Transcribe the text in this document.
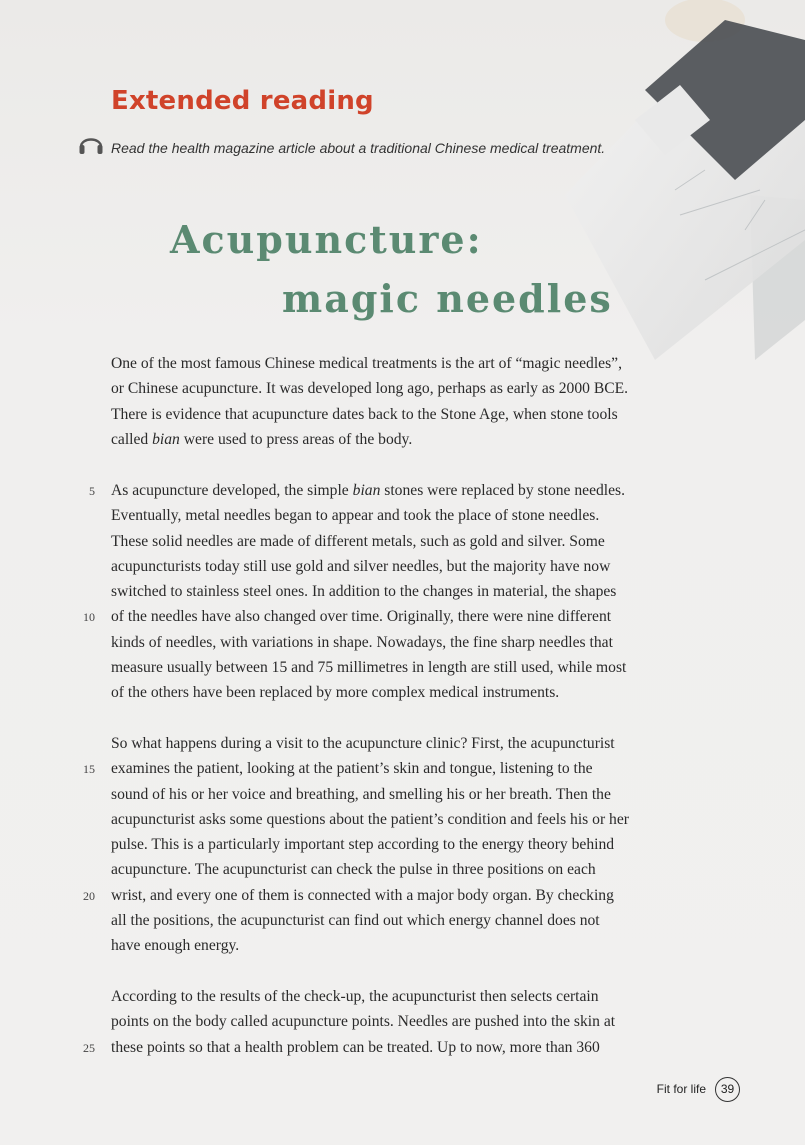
Extended reading
Read the health magazine article about a traditional Chinese medical treatment.
Acupuncture:
magic needles
One of the most famous Chinese medical treatments is the art of “magic needles”,
or Chinese acupuncture. It was developed long ago, perhaps as early as 2000 BCE.
There is evidence that acupuncture dates back to the Stone Age, when stone tools
called bian were used to press areas of the body.
5 As acupuncture developed, the simple bian stones were replaced by stone needles.
Eventually, metal needles began to appear and took the place of stone needles.
These solid needles are made of different metals, such as gold and silver. Some
acupuncturists today still use gold and silver needles, but the majority have now
switched to stainless steel ones. In addition to the changes in material, the shapes
10 of the needles have also changed over time. Originally, there were nine different
kinds of needles, with variations in shape. Nowadays, the fine sharp needles that
measure usually between 15 and 75 millimetres in length are still used, while most
of the others have been replaced by more complex medical instruments.
So what happens during a visit to the acupuncture clinic? First, the acupuncturist
15 examines the patient, looking at the patient’s skin and tongue, listening to the
sound of his or her voice and breathing, and smelling his or her breath. Then the
acupuncturist asks some questions about the patient’s condition and feels his or her
pulse. This is a particularly important step according to the energy theory behind
acupuncture. The acupuncturist can check the pulse in three positions on each
20 wrist, and every one of them is connected with a major body organ. By checking
all the positions, the acupuncturist can find out which energy channel does not
have enough energy.
According to the results of the check-up, the acupuncturist then selects certain
points on the body called acupuncture points. Needles are pushed into the skin at
25 these points so that a health problem can be treated. Up to now, more than 360
Fit for life	39
